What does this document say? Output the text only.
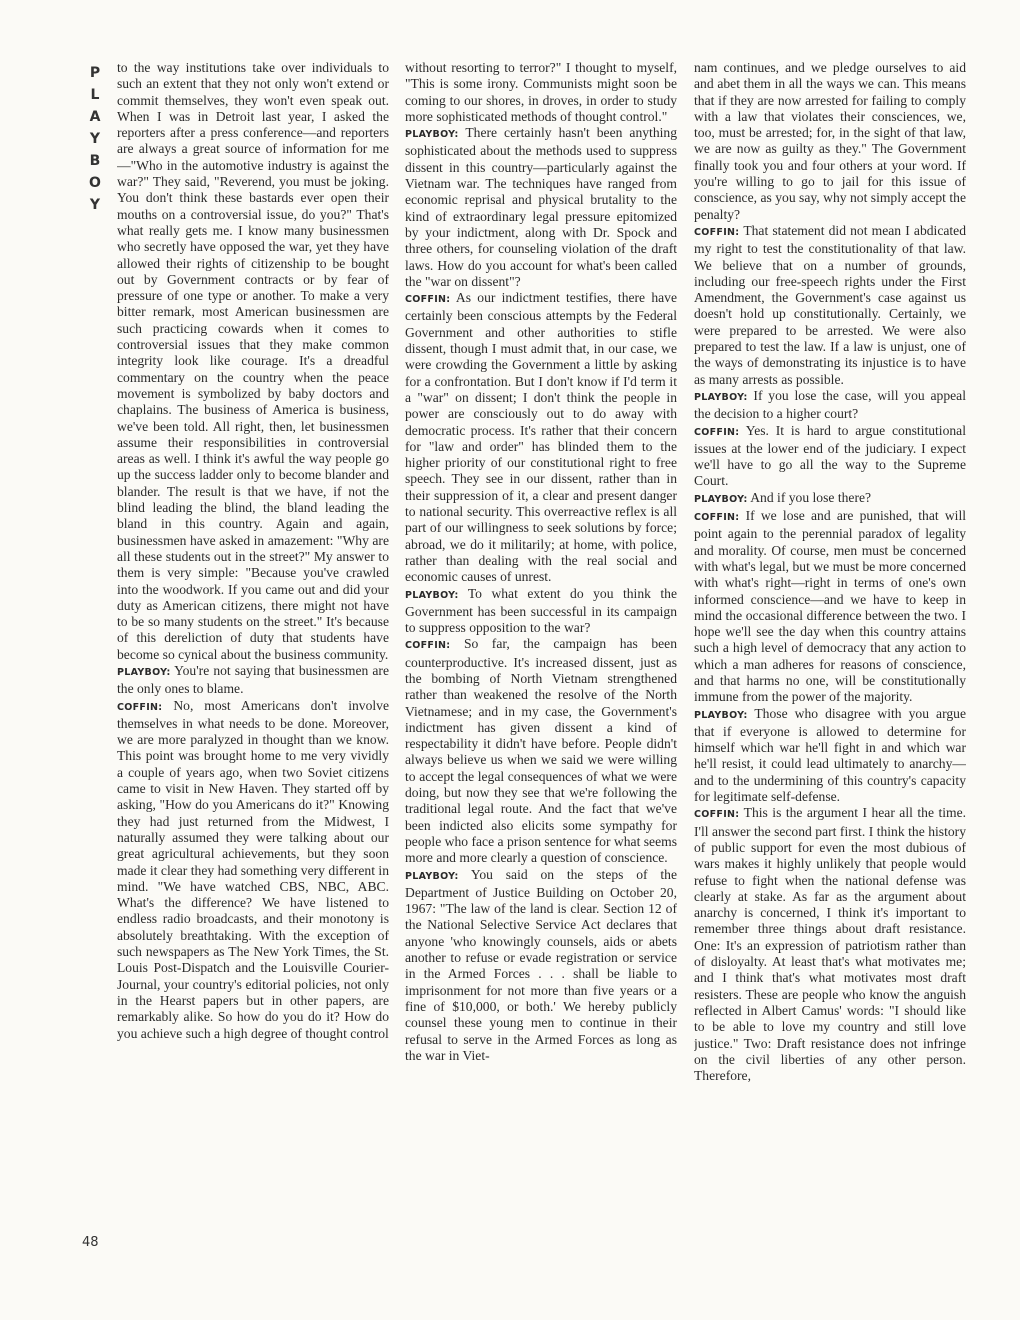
P
L
A
Y
B
O
Y
48

to the way institutions take over individuals to such an extent that they not only won't extend or commit themselves, they won't even speak out. When I was in Detroit last year, I asked the reporters after a press conference—and reporters are always a great source of information for me—"Who in the automotive industry is against the war?" They said, "Reverend, you must be joking. You don't think these bastards ever open their mouths on a controversial issue, do you?" That's what really gets me. I know many businessmen who secretly have opposed the war, yet they have allowed their rights of citizenship to be bought out by Government contracts or by fear of pressure of one type or another. To make a very bitter remark, most American businessmen are such practicing cowards when it comes to controversial issues that they make common integrity look like courage. It's a dreadful commentary on the country when the peace movement is symbolized by baby doctors and chaplains. The business of America is business, we've been told. All right, then, let businessmen assume their responsibilities in controversial areas as well. I think it's awful the way people go up the success ladder only to become blander and blander. The result is that we have, if not the blind leading the blind, the bland leading the bland in this country. Again and again, businessmen have asked in amazement: "Why are all these students out in the street?" My answer to them is very simple: "Because you've crawled into the woodwork. If you came out and did your duty as American citizens, there might not have to be so many students on the street." It's because of this dereliction of duty that students have become so cynical about the business community.

PLAYBOY: You're not saying that businessmen are the only ones to blame.

COFFIN: No, most Americans don't involve themselves in what needs to be done. Moreover, we are more paralyzed in thought than we know. This point was brought home to me very vividly a couple of years ago, when two Soviet citizens came to visit in New Haven. They started off by asking, "How do you Americans do it?" Knowing they had just returned from the Midwest, I naturally assumed they were talking about our great agricultural achievements, but they soon made it clear they had something very different in mind. "We have watched CBS, NBC, ABC. What's the difference? We have listened to endless radio broadcasts, and their monotony is absolutely breathtaking. With the exception of such newspapers as The New York Times, the St. Louis Post-Dispatch and the Louisville Courier-Journal, your country's editorial policies, not only in the Hearst papers but in other papers, are remarkably alike. So how do you do it? How do you achieve such a high degree of thought control

without resorting to terror?" I thought to myself, "This is some irony. Communists might soon be coming to our shores, in droves, in order to study more sophisticated methods of thought control."

PLAYBOY: There certainly hasn't been anything sophisticated about the methods used to suppress dissent in this country—particularly against the Vietnam war. The techniques have ranged from economic reprisal and physical brutality to the kind of extraordinary legal pressure epitomized by your indictment, along with Dr. Spock and three others, for counseling violation of the draft laws. How do you account for what's been called the "war on dissent"?

COFFIN: As our indictment testifies, there have certainly been conscious attempts by the Federal Government and other authorities to stifle dissent, though I must admit that, in our case, we were crowding the Government a little by asking for a confrontation. But I don't know if I'd term it a "war" on dissent; I don't think the people in power are consciously out to do away with democratic process. It's rather that their concern for "law and order" has blinded them to the higher priority of our constitutional right to free speech. They see in our dissent, rather than in their suppression of it, a clear and present danger to national security. This overreactive reflex is all part of our willingness to seek solutions by force; abroad, we do it militarily; at home, with police, rather than dealing with the real social and economic causes of unrest.

PLAYBOY: To what extent do you think the Government has been successful in its campaign to suppress opposition to the war?

COFFIN: So far, the campaign has been counterproductive. It's increased dissent, just as the bombing of North Vietnam strengthened rather than weakened the resolve of the North Vietnamese; and in my case, the Government's indictment has given dissent a kind of respectability it didn't have before. People didn't always believe us when we said we were willing to accept the legal consequences of what we were doing, but now they see that we're following the traditional legal route. And the fact that we've been indicted also elicits some sympathy for people who face a prison sentence for what seems more and more clearly a question of conscience.

PLAYBOY: You said on the steps of the Department of Justice Building on October 20, 1967: "The law of the land is clear. Section 12 of the National Selective Service Act declares that anyone 'who knowingly counsels, aids or abets another to refuse or evade registration or service in the Armed Forces . . . shall be liable to imprisonment for not more than five years or a fine of $10,000, or both.' We hereby publicly counsel these young men to continue in their refusal to serve in the Armed Forces as long as the war in Viet-

nam continues, and we pledge ourselves to aid and abet them in all the ways we can. This means that if they are now arrested for failing to comply with a law that violates their consciences, we, too, must be arrested; for, in the sight of that law, we are now as guilty as they." The Government finally took you and four others at your word. If you're willing to go to jail for this issue of conscience, as you say, why not simply accept the penalty?

COFFIN: That statement did not mean I abdicated my right to test the constitutionality of that law. We believe that on a number of grounds, including our free-speech rights under the First Amendment, the Government's case against us doesn't hold up constitutionally. Certainly, we were prepared to be arrested. We were also prepared to test the law. If a law is unjust, one of the ways of demonstrating its injustice is to have as many arrests as possible.

PLAYBOY: If you lose the case, will you appeal the decision to a higher court?

COFFIN: Yes. It is hard to argue constitutional issues at the lower end of the judiciary. I expect we'll have to go all the way to the Supreme Court.

PLAYBOY: And if you lose there?

COFFIN: If we lose and are punished, that will point again to the perennial paradox of legality and morality. Of course, men must be concerned with what's legal, but we must be more concerned with what's right—right in terms of one's own informed conscience—and we have to keep in mind the occasional difference between the two. I hope we'll see the day when this country attains such a high level of democracy that any action to which a man adheres for reasons of conscience, and that harms no one, will be constitutionally immune from the power of the majority.

PLAYBOY: Those who disagree with you argue that if everyone is allowed to determine for himself which war he'll fight in and which war he'll resist, it could lead ultimately to anarchy—and to the undermining of this country's capacity for legitimate self-defense.

COFFIN: This is the argument I hear all the time. I'll answer the second part first. I think the history of public support for even the most dubious of wars makes it highly unlikely that people would refuse to fight when the national defense was clearly at stake. As far as the argument about anarchy is concerned, I think it's important to remember three things about draft resistance. One: It's an expression of patriotism rather than of disloyalty. At least that's what motivates me; and I think that's what motivates most draft resisters. These are people who know the anguish reflected in Albert Camus' words: "I should like to be able to love my country and still love justice." Two: Draft resistance does not infringe on the civil liberties of any other person. Therefore,
